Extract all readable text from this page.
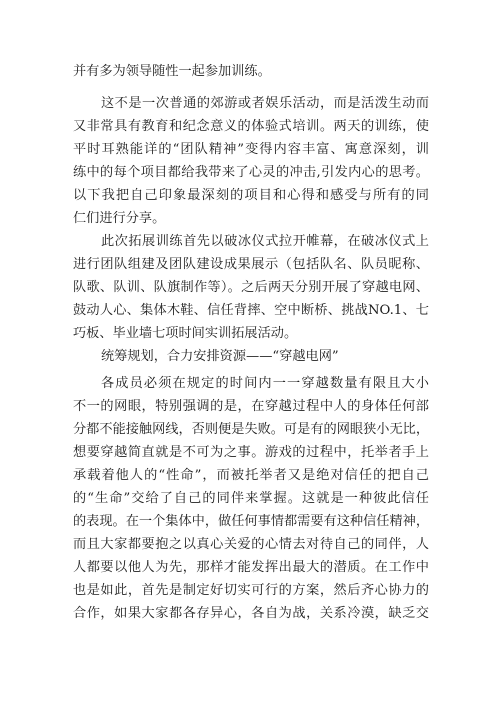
并有多为领导随性一起参加训练。
这不是一次普通的郊游或者娱乐活动，而是活泼生动而
又非常具有教育和纪念意义的体验式培训。两天的训练，使
平时耳熟能详的“团队精神”变得内容丰富、寓意深刻，训
练中的每个项目都给我带来了心灵的冲击,引发内心的思考。
以下我把自己印象最深刻的项目和心得和感受与所有的同
仁们进行分享。
此次拓展训练首先以破冰仪式拉开帷幕，在破冰仪式上
进行团队组建及团队建设成果展示（包括队名、队员昵称、
队歌、队训、队旗制作等）。之后两天分别开展了穿越电网、
鼓动人心、集体木鞋、信任背摔、空中断桥、挑战NO.1、七
巧板、毕业墙七项时间实训拓展活动。
统筹规划，合力安排资源——“穿越电网”
各成员必须在规定的时间内一一穿越数量有限且大小
不一的网眼，特别强调的是，在穿越过程中人的身体任何部
分都不能接触网线，否则便是失败。可是有的网眼狭小无比，
想要穿越简直就是不可为之事。游戏的过程中，托举者手上
承载着他人的“性命”，而被托举者又是绝对信任的把自己
的“生命”交给了自己的同伴来掌握。这就是一种彼此信任
的表现。在一个集体中，做任何事情都需要有这种信任精神，
而且大家都要抱之以真心关爱的心情去对待自己的同伴，人
人都要以他人为先，那样才能发挥出最大的潜质。在工作中
也是如此，首先是制定好切实可行的方案，然后齐心协力的
合作，如果大家都各存异心，各自为战，关系冷漠，缺乏交
